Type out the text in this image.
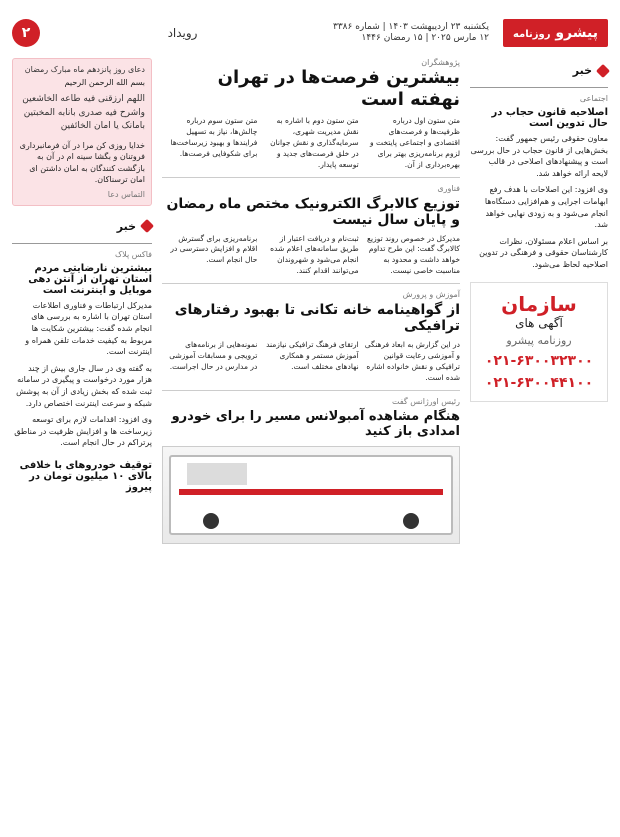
پیشرو روزنامه
یکشنبه ۲۳ اردیبهشت ۱۴۰۳ | شماره ۳۳۸۶
۱۲ مارس ۲۰۲۵ | ۱۵ رمضان ۱۴۴۶
رویداد
۲
خبر
اجتماعی
اصلاحیه قانون حجاب در حال تدوین است

معاون حقوقی رئیس جمهور گفت: بخش‌هایی از قانون حجاب در حال بررسی است و پیشنهادهای اصلاحی در قالب لایحه ارائه خواهد شد.

وی افزود: این اصلاحات با هدف رفع ابهامات اجرایی و هم‌افزایی دستگاه‌ها انجام می‌شود و به زودی نهایی خواهد شد.

بر اساس اعلام مسئولان، نظرات کارشناسان حقوقی و فرهنگی در تدوین اصلاحیه لحاظ می‌شود.

سازمان
آگهی های
روزنامه پیشرو
۰۲۱-۶۳۰۰۳۲۳۰۰
۰۲۱-۶۳۰۰۴۴۱۰۰
پژوهشگران
بیشترین فرصت‌ها در تهران نهفته است
متن ستون اول درباره ظرفیت‌ها و فرصت‌های اقتصادی و اجتماعی پایتخت و لزوم برنامه‌ریزی بهتر برای بهره‌برداری از آن.
متن ستون دوم با اشاره به نقش مدیریت شهری، سرمایه‌گذاری و نقش جوانان در خلق فرصت‌های جدید و توسعه پایدار.
متن ستون سوم درباره چالش‌ها، نیاز به تسهیل فرایندها و بهبود زیرساخت‌ها برای شکوفایی فرصت‌ها.
فناوری
توزیع کالابرگ الکترونیک مختص ماه رمضان و پایان سال نیست
مدیرکل در خصوص روند توزیع کالابرگ گفت: این طرح تداوم خواهد داشت و محدود به مناسبت خاصی نیست.
ثبت‌نام و دریافت اعتبار از طریق سامانه‌های اعلام شده انجام می‌شود و شهروندان می‌توانند اقدام کنند.
برنامه‌ریزی برای گسترش اقلام و افزایش دسترسی در حال انجام است.
آموزش و پرورش
از گواهینامه خانه تکانی تا بهبود رفتارهای ترافیکی
در این گزارش به ابعاد فرهنگی و آموزشی رعایت قوانین ترافیکی و نقش خانواده اشاره شده است.
ارتقای فرهنگ ترافیکی نیازمند آموزش مستمر و همکاری نهادهای مختلف است.
نمونه‌هایی از برنامه‌های ترویجی و مسابقات آموزشی در مدارس در حال اجراست.
رئیس اورژانس گفت
هنگام مشاهده آمبولانس مسیر را برای خودرو امدادی باز کنید
دعای روز پانزدهم ماه مبارک رمضان
بسم الله الرحمن الرحیم
اللهم ارزقنی فیه طاعه الخاشعین
واشرح فیه صدری بانابه المخبتین
بامانک یا امان الخائفین
خدایا روزی کن مرا در آن فرمانبرداری فروتنان و بگشا سینه ام در آن به بازگشت کنندگان به امان داشتن ای امان ترسناکان.
التماس دعا
خبر
فاکس پلاک
بیشترین نارضایتی مردم استان تهران از آنتن دهی موبایل و اینترنت است

مدیرکل ارتباطات و فناوری اطلاعات استان تهران با اشاره به بررسی های انجام شده گفت: بیشترین شکایت ها مربوط به کیفیت خدمات تلفن همراه و اینترنت است.

به گفته وی در سال جاری بیش از چند هزار مورد درخواست و پیگیری در سامانه ثبت شده که بخش زیادی از آن به پوشش شبکه و سرعت اینترنت اختصاص دارد.

وی افزود: اقدامات لازم برای توسعه زیرساخت ها و افزایش ظرفیت در مناطق پرتراکم در حال انجام است.

توقیف خودروهای با خلافی بالای ۱۰ میلیون تومان در پیروز
